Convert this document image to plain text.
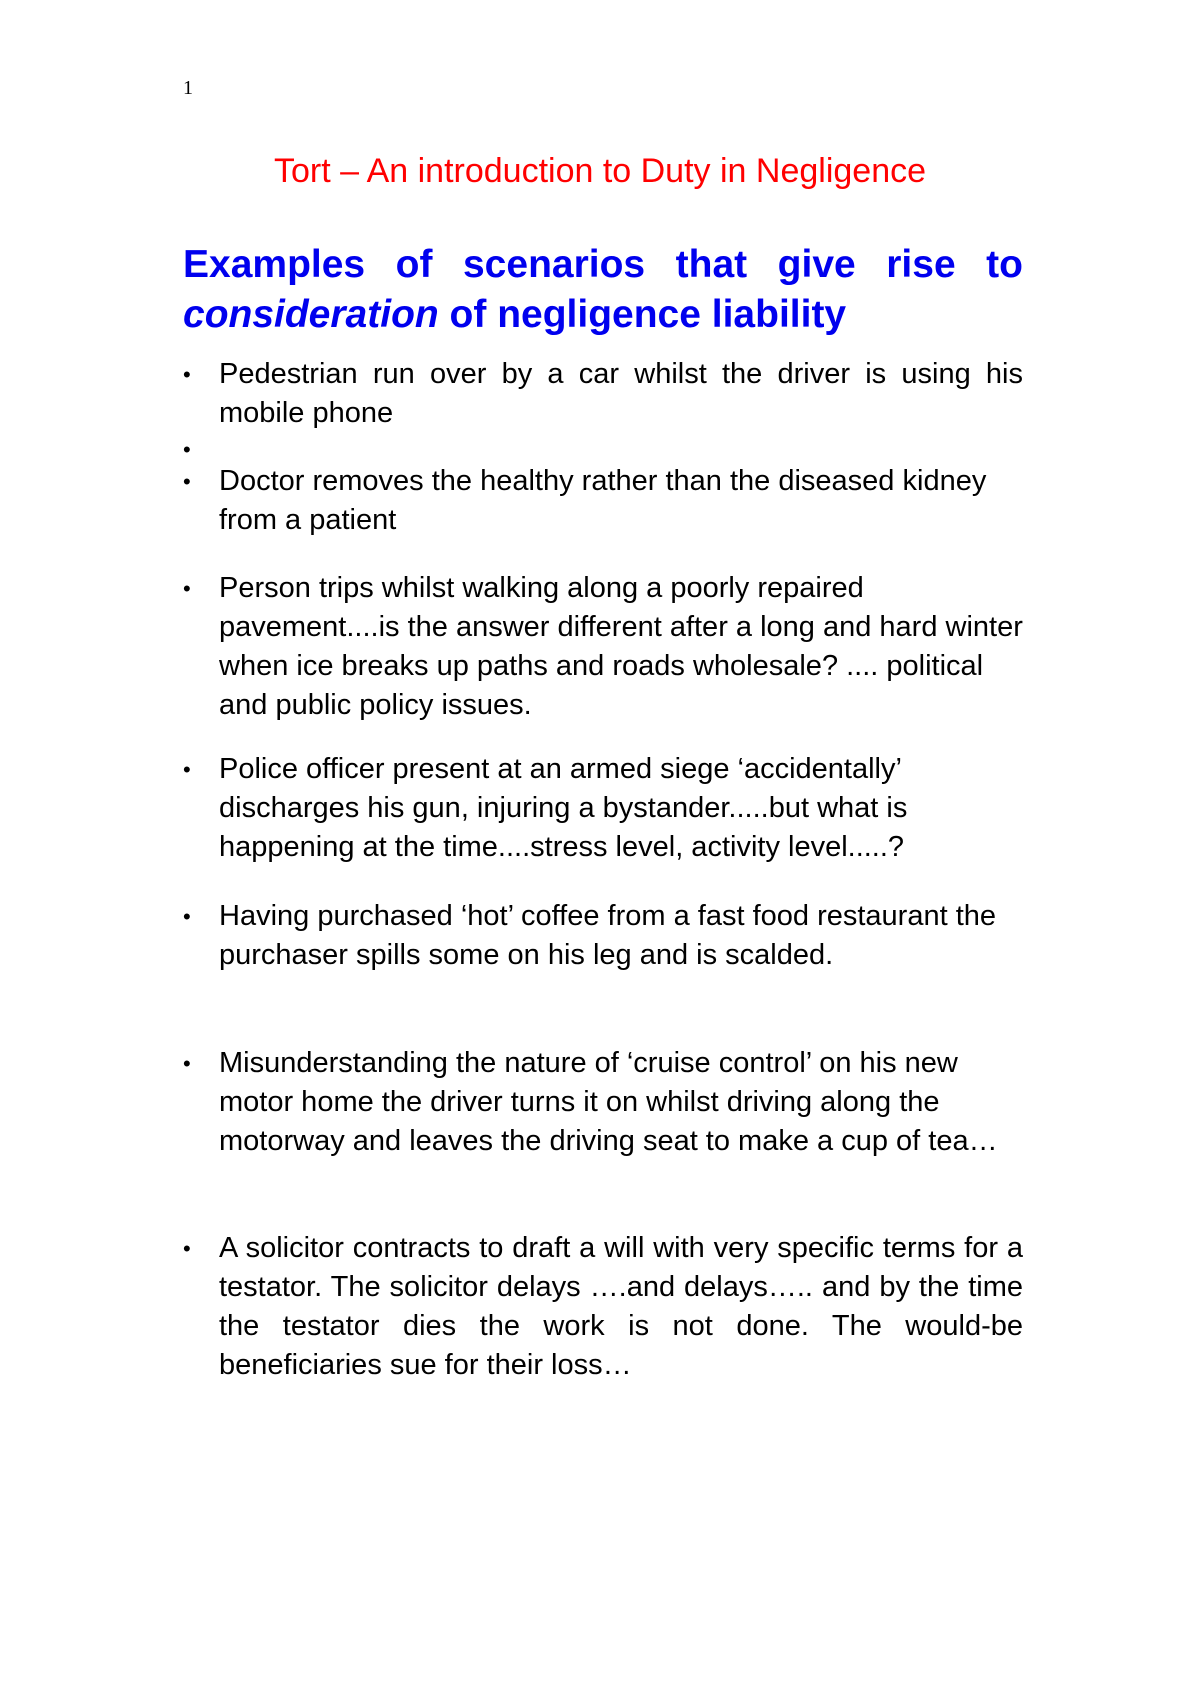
1
Tort – An introduction to Duty in Negligence
Examples of scenarios that give rise to
consideration of negligence liability
• Pedestrian run over by a car whilst the driver is using his mobile phone
•
• Doctor removes the healthy rather than the diseased kidney from a patient
• Person trips whilst walking along a poorly repaired pavement....is the answer different after a long and hard winter when ice breaks up paths and roads wholesale? .... political and public policy issues.
• Police officer present at an armed siege ‘accidentally’ discharges his gun, injuring a bystander.....but what is happening at the time....stress level, activity level.....?
• Having purchased ‘hot’ coffee from a fast food restaurant the purchaser spills some on his leg and is scalded.
• Misunderstanding the nature of ‘cruise control’ on his new motor home the driver turns it on whilst driving along the motorway and leaves the driving seat to make a cup of tea…
• A solicitor contracts to draft a will with very specific terms for a testator. The solicitor delays ….and delays….. and by the time the testator dies the work is not done. The would-be beneficiaries sue for their loss…
